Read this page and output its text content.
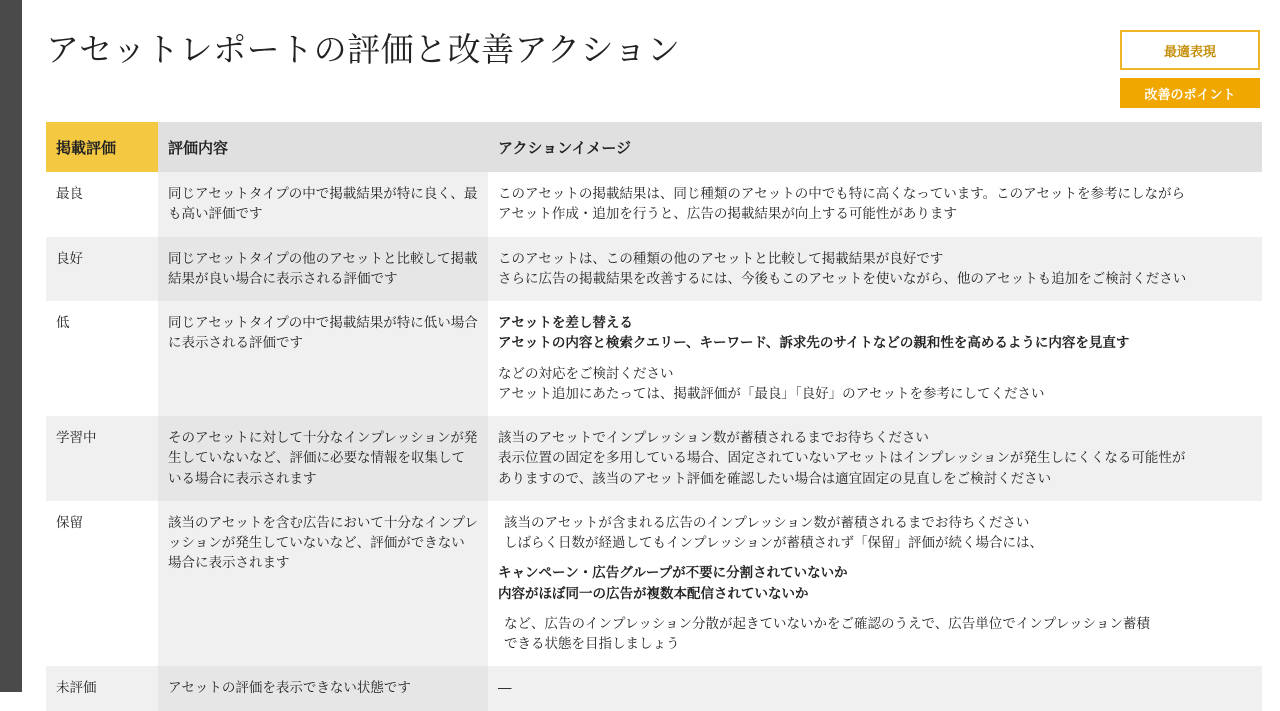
アセットレポートの評価と改善アクション	最適表現
改善のポイント
掲載評価	評価内容	アクションイメージ
最良	同じアセットタイプの中で掲載結果が特に良く、最も高い評価です	このアセットの掲載結果は、同じ種類のアセットの中でも特に高くなっています。このアセットを参考にしながら
アセット作成・追加を行うと、広告の掲載結果が向上する可能性があります

良好	同じアセットタイプの他のアセットと比較して掲載結果が良い場合に表示される評価です	このアセットは、この種類の他のアセットと比較して掲載結果が良好です
さらに広告の掲載結果を改善するには、今後もこのアセットを使いながら、他のアセットも追加をご検討ください

低	同じアセットタイプの中で掲載結果が特に低い場合に表示される評価です	アセットを差し替える
アセットの内容と検索クエリー、キーワード、訴求先のサイトなどの親和性を高めるように内容を見直す
などの対応をご検討ください
アセット追加にあたっては、掲載評価が「最良」「良好」のアセットを参考にしてください

学習中	そのアセットに対して十分なインプレッションが発生していないなど、評価に必要な情報を収集している場合に表示されます	該当のアセットでインプレッション数が蓄積されるまでお待ちください
表示位置の固定を多用している場合、固定されていないアセットはインプレッションが発生しにくくなる可能性が
ありますので、該当のアセット評価を確認したい場合は適宜固定の見直しをご検討ください

保留	該当のアセットを含む広告において十分なインプレッションが発生していないなど、評価ができない場合に表示されます	
該当のアセットが含まれる広告のインプレッション数が蓄積されるまでお待ちください
しばらく日数が経過してもインプレッションが蓄積されず「保留」評価が続く場合には、
キャンペーン・広告グループが不要に分割されていないか
内容がほぼ同一の広告が複数本配信されていないか
など、広告のインプレッション分散が起きていないかをご確認のうえで、広告単位でインプレッション蓄積
できる状態を目指しましょう

未評価	アセットの評価を表示できない状態です	—
